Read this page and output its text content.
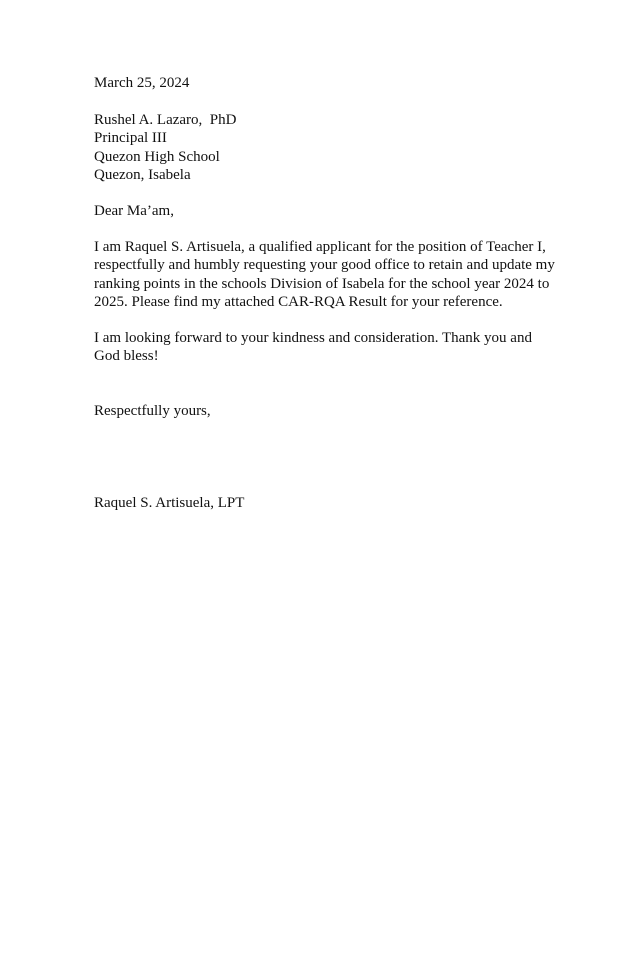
March 25, 2024
Rushel A. Lazaro,  PhD
Principal III
Quezon High School
Quezon, Isabela
Dear Ma’am,
I am Raquel S. Artisuela, a qualified applicant for the position of Teacher I,
respectfully and humbly requesting your good office to retain and update my
ranking points in the schools Division of Isabela for the school year 2024 to
2025. Please find my attached CAR-RQA Result for your reference.
I am looking forward to your kindness and consideration. Thank you and
God bless!
Respectfully yours,
Raquel S. Artisuela, LPT
